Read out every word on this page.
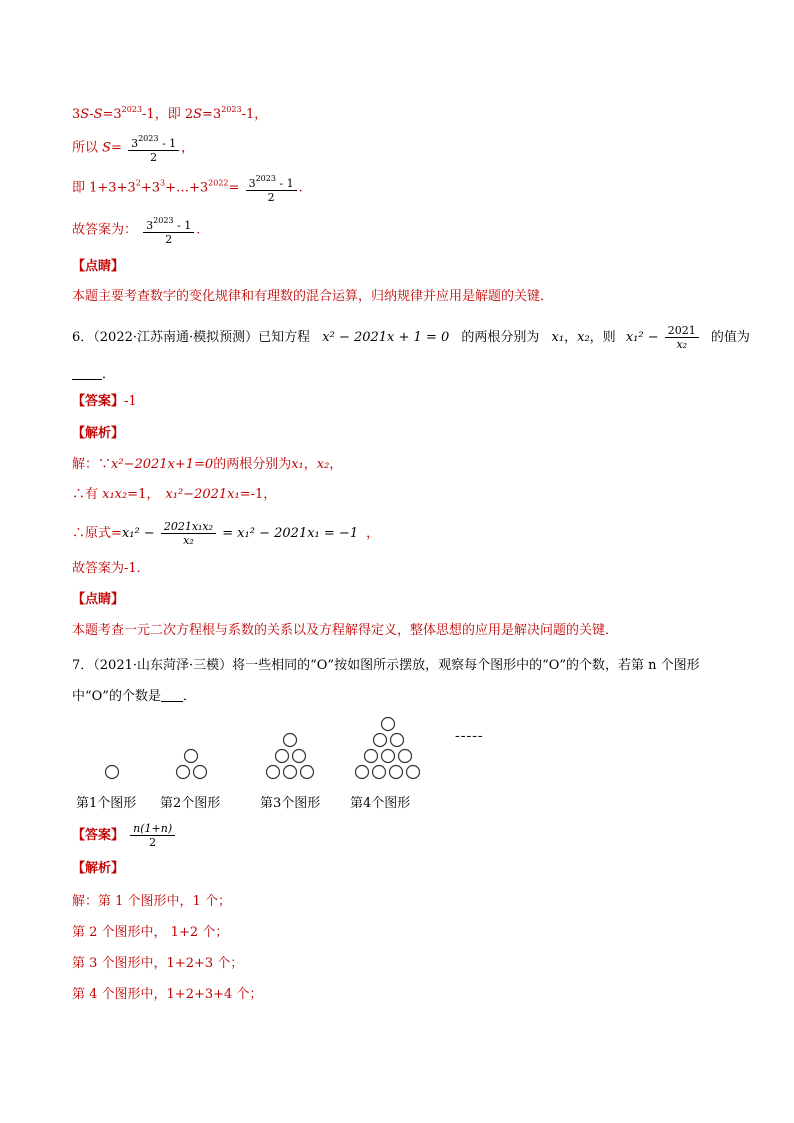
$3S-S=3^{2023}-1$，即 $2S=3^{2023}-1$，
所以 $S= \frac{3^{2023} - 1}{2}$ ，
即 $1+3+3^2+3^3+\dots+3^{2022}= \frac{3^{2023} - 1}{2}$ .
故答案为： $\frac{3^{2023} - 1}{2}$ .
【点睛】
本题主要考查数字的变化规律和有理数的混合运算，归纳规律并应用是解题的关键．
6．（2022·江苏南通·模拟预测）已知方程 x² − 2021x + 1 = 0 的两根分别为 x₁，x₂，则 $x_1^2 - \frac{2021}{\text{x₂}}$ 的值为
．
【答案】-1
【解析】
解：∵x²−2021x+1=0的两根分别为x₁，x₂，
∴有 x₁x₂=1， x₁²−2021x₁=-1，
∴原式$=x_1^2 - \frac{\text{2021x₁x₂}}{\text{x₂}} = x_1^2 - 2021x_1 = -1$ ，
故答案为-1．
【点睛】
本题考查一元二次方程根与系数的关系以及方程解得定义，整体思想的应用是解决问题的关键．
7．（2021·山东菏泽·三模）将一些相同的“O”按如图所示摆放，观察每个图形中的“O”的个数，若第 n 个图形
中“O”的个数是 ．
-----
第1个图形 第2个图形	第3个图形 第4个图形
【答案】 $\frac{n(1+n)}{2}$
【解析】
解：第 1 个图形中，1 个；
第 2 个图形中， 1+2 个；
第 3 个图形中，1+2+3 个；
第 4 个图形中，1+2+3+4 个；
